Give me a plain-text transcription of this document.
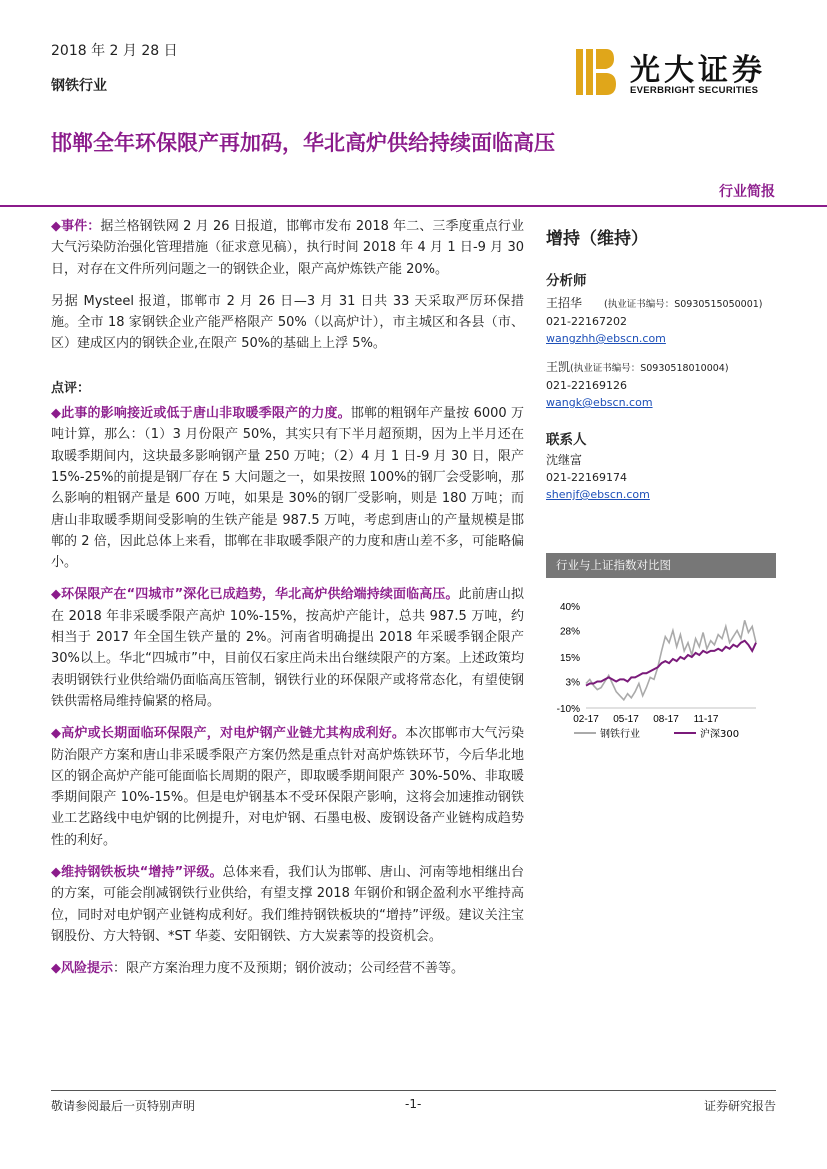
2018 年 2 月 28 日
钢铁行业	光大证券
EVERBRIGHT SECURITIES
邯郸全年环保限产再加码，华北高炉供给持续面临高压
行业简报

◆事件：据兰格钢铁网 2 月 26 日报道，邯郸市发布 2018 年二、三季度重点行业大气污染防治强化管理措施（征求意见稿），执行时间 2018 年 4 月 1 日-9 月 30 日，对存在文件所列问题之一的钢铁企业，限产高炉炼铁产能 20%。

另据 Mysteel 报道，邯郸市 2 月 26 日—3 月 31 日共 33 天采取严厉环保措施。全市 18 家钢铁企业产能严格限产 50%（以高炉计），市主城区和各县（市、区）建成区内的钢铁企业,在限产 50%的基础上上浮 5%。

点评：

◆此事的影响接近或低于唐山非取暖季限产的力度。邯郸的粗钢年产量按 6000 万吨计算，那么：（1）3 月份限产 50%，其实只有下半月超预期，因为上半月还在取暖季期间内，这块最多影响钢产量 250 万吨；（2）4 月 1 日-9 月 30 日，限产 15%-25%的前提是钢厂存在 5 大问题之一，如果按照 100%的钢厂会受影响，那么影响的粗钢产量是 600 万吨，如果是 30%的钢厂受影响，则是 180 万吨；而唐山非取暖季期间受影响的生铁产能是 987.5 万吨，考虑到唐山的产量规模是邯郸的 2 倍，因此总体上来看，邯郸在非取暖季限产的力度和唐山差不多，可能略偏小。

◆环保限产在“四城市”深化已成趋势，华北高炉供给端持续面临高压。此前唐山拟在 2018 年非采暖季限产高炉 10%-15%，按高炉产能计，总共 987.5 万吨，约相当于 2017 年全国生铁产量的 2%。河南省明确提出 2018 年采暖季钢企限产 30%以上。华北“四城市”中，目前仅石家庄尚未出台继续限产的方案。上述政策均表明钢铁行业供给端仍面临高压管制，钢铁行业的环保限产或将常态化，有望使钢铁供需格局维持偏紧的格局。

◆高炉或长期面临环保限产，对电炉钢产业链尤其构成利好。本次邯郸市大气污染防治限产方案和唐山非采暖季限产方案仍然是重点针对高炉炼铁环节，今后华北地区的钢企高炉产能可能面临长周期的限产，即取暖季期间限产 30%-50%、非取暖季期间限产 10%-15%。但是电炉钢基本不受环保限产影响，这将会加速推动钢铁业工艺路线中电炉钢的比例提升，对电炉钢、石墨电极、废钢设备产业链构成趋势性的利好。

◆维持钢铁板块“增持”评级。总体来看，我们认为邯郸、唐山、河南等地相继出台的方案，可能会削减钢铁行业供给，有望支撑 2018 年钢价和钢企盈利水平维持高位，同时对电炉钢产业链构成利好。我们维持钢铁板块的“增持”评级。建议关注宝钢股份、方大特钢、*ST 华菱、安阳钢铁、方大炭素等的投资机会。

◆风险提示：限产方案治理力度不及预期；钢价波动；公司经营不善等。

增持（维持）
分析师
王招华 (执业证书编号：S0930515050001)
021-22167202
wangzhh@ebscn.com
王凯(执业证书编号：S0930518010004)
021-22169126
wangk@ebscn.com
联系人
沈继富
021-22169174
shenjf@ebscn.com
行业与上证指数对比图
40%
28%
15%
3%
-10%
02-17 05-17 08-17 11-17
钢铁行业	沪深300
敬请参阅最后一页特别声明	-1-	证券研究报告
